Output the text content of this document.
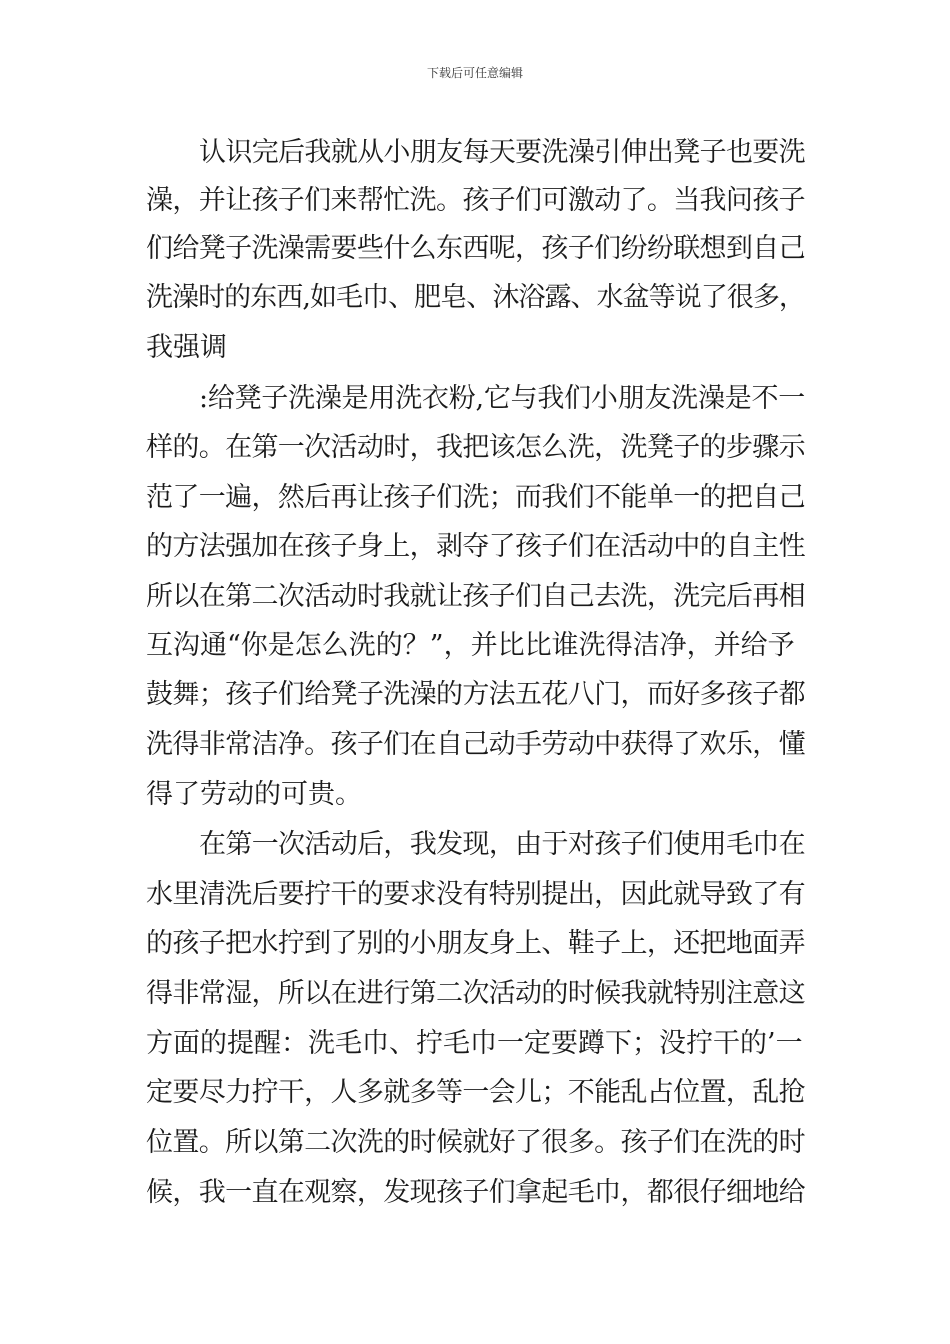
下载后可任意编辑
认识完后我就从小朋友每天要洗澡引伸出凳子也要洗
澡，并让孩子们来帮忙洗。孩子们可激动了。当我问孩子
们给凳子洗澡需要些什么东西呢，孩子们纷纷联想到自己
洗澡时的东西,如毛巾、肥皂、沐浴露、水盆等说了很多，
我强调
:给凳子洗澡是用洗衣粉,它与我们小朋友洗澡是不一
样的。在第一次活动时，我把该怎么洗，洗凳子的步骤示
范了一遍，然后再让孩子们洗；而我们不能单一的把自己
的方法强加在孩子身上，剥夺了孩子们在活动中的自主性
所以在第二次活动时我就让孩子们自己去洗，洗完后再相
互沟通“你是怎么洗的？”，并比比谁洗得洁净，并给予
鼓舞；孩子们给凳子洗澡的方法五花八门，而好多孩子都
洗得非常洁净。孩子们在自己动手劳动中获得了欢乐，懂
得了劳动的可贵。
在第一次活动后，我发现，由于对孩子们使用毛巾在
水里清洗后要拧干的要求没有特别提出，因此就导致了有
的孩子把水拧到了别的小朋友身上、鞋子上，还把地面弄
得非常湿，所以在进行第二次活动的时候我就特别注意这
方面的提醒：洗毛巾、拧毛巾一定要蹲下；没拧干的’一
定要尽力拧干，人多就多等一会儿；不能乱占位置，乱抢
位置。所以第二次洗的时候就好了很多。孩子们在洗的时
候，我一直在观察，发现孩子们拿起毛巾，都很仔细地给
